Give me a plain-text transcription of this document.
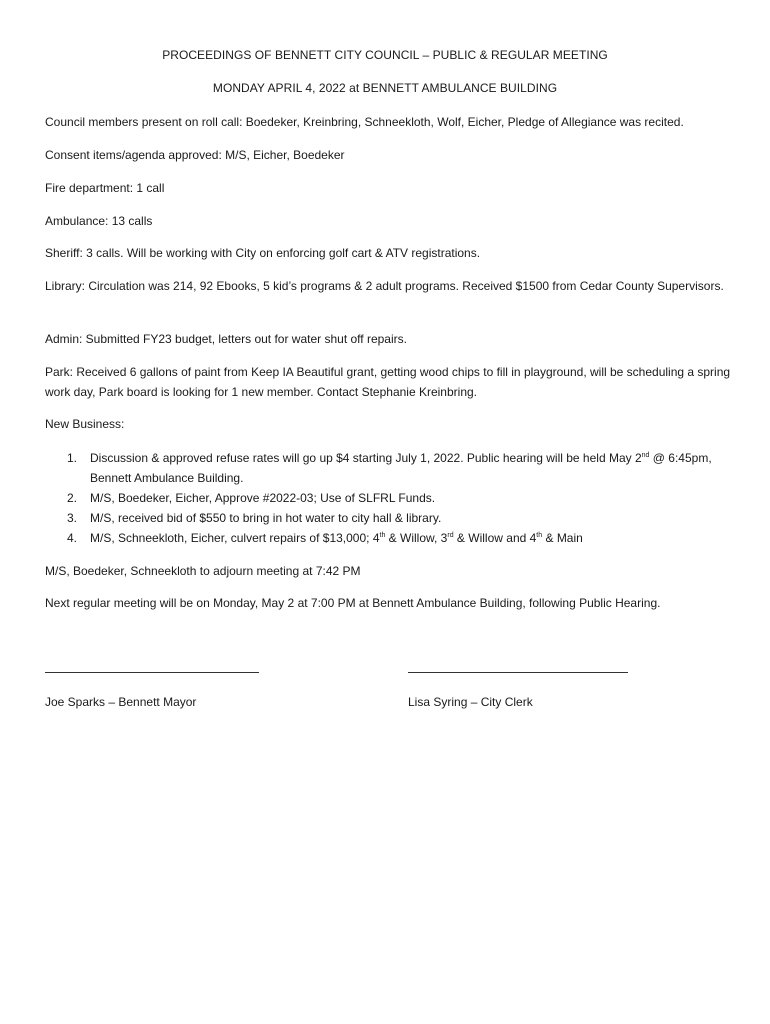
PROCEEDINGS OF BENNETT CITY COUNCIL – PUBLIC & REGULAR MEETING
MONDAY APRIL 4, 2022 at BENNETT AMBULANCE BUILDING
Council members present on roll call: Boedeker, Kreinbring, Schneekloth, Wolf, Eicher, Pledge of Allegiance was recited.
Consent items/agenda approved: M/S, Eicher, Boedeker
Fire department: 1 call
Ambulance: 13 calls
Sheriff: 3 calls. Will be working with City on enforcing golf cart & ATV registrations.
Library: Circulation was 214, 92 Ebooks, 5 kid’s programs & 2 adult programs. Received $1500 from Cedar County Supervisors.
Admin: Submitted FY23 budget, letters out for water shut off repairs.
Park: Received 6 gallons of paint from Keep IA Beautiful grant, getting wood chips to fill in playground, will be scheduling a spring work day, Park board is looking for 1 new member. Contact Stephanie Kreinbring.
New Business:
1. Discussion & approved refuse rates will go up $4 starting July 1, 2022. Public hearing will be held May 2nd @ 6:45pm, Bennett Ambulance Building.
2. M/S, Boedeker, Eicher, Approve #2022-03; Use of SLFRL Funds.
3. M/S, received bid of $550 to bring in hot water to city hall & library.
4. M/S, Schneekloth, Eicher, culvert repairs of $13,000; 4th & Willow, 3rd & Willow and 4th & Main
M/S, Boedeker, Schneekloth to adjourn meeting at 7:42 PM
Next regular meeting will be on Monday, May 2 at 7:00 PM at Bennett Ambulance Building, following Public Hearing.
Joe Sparks – Bennett Mayor	Lisa Syring – City Clerk
